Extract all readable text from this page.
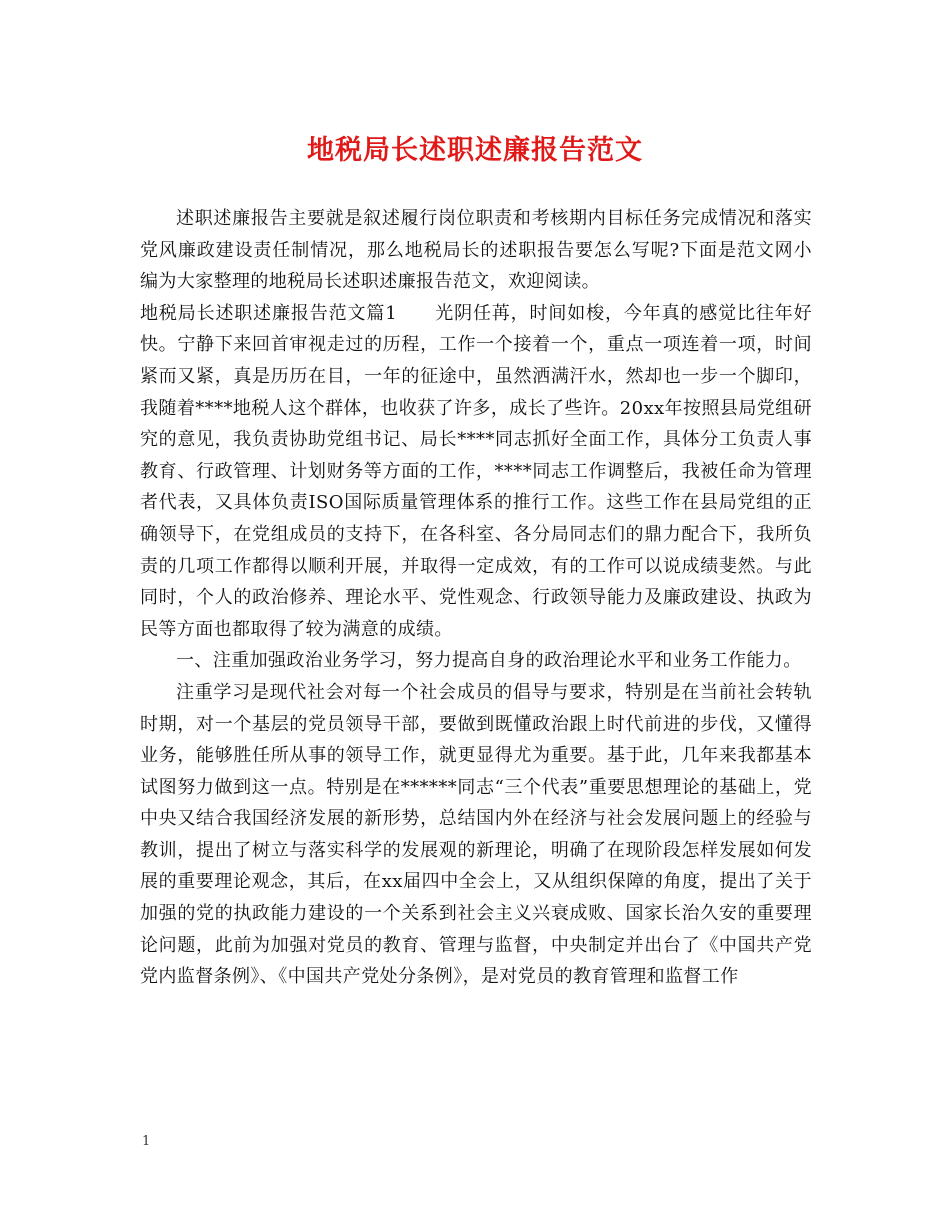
地税局长述职述廉报告范文

述职述廉报告主要就是叙述履行岗位职责和考核期内目标任务完成情况和落实党风廉政建设责任制情况，那么地税局长的述职报告要怎么写呢?下面是范文网小编为大家整理的地税局长述职述廉报告范文，欢迎阅读。

地税局长述职述廉报告范文篇1　　光阴任苒，时间如梭，今年真的感觉比往年好快。宁静下来回首审视走过的历程，工作一个接着一个，重点一项连着一项，时间紧而又紧，真是历历在目，一年的征途中，虽然洒满汗水，然却也一步一个脚印，我随着****地税人这个群体，也收获了许多，成长了些许。20xx年按照县局党组研究的意见，我负责协助党组书记、局长****同志抓好全面工作，具体分工负责人事教育、行政管理、计划财务等方面的工作，****同志工作调整后，我被任命为管理者代表，又具体负责ISO国际质量管理体系的推行工作。这些工作在县局党组的正确领导下，在党组成员的支持下，在各科室、各分局同志们的鼎力配合下，我所负责的几项工作都得以顺利开展，并取得一定成效，有的工作可以说成绩斐然。与此同时，个人的政治修养、理论水平、党性观念、行政领导能力及廉政建设、执政为民等方面也都取得了较为满意的成绩。

一、注重加强政治业务学习，努力提高自身的政治理论水平和业务工作能力。

注重学习是现代社会对每一个社会成员的倡导与要求，特别是在当前社会转轨时期，对一个基层的党员领导干部，要做到既懂政治跟上时代前进的步伐，又懂得业务，能够胜任所从事的领导工作，就更显得尤为重要。基于此，几年来我都基本试图努力做到这一点。特别是在******同志“三个代表”重要思想理论的基础上，党中央又结合我国经济发展的新形势，总结国内外在经济与社会发展问题上的经验与教训，提出了树立与落实科学的发展观的新理论，明确了在现阶段怎样发展如何发展的重要理论观念，其后，在xx届四中全会上，又从组织保障的角度，提出了关于加强的党的执政能力建设的一个关系到社会主义兴衰成败、国家长治久安的重要理论问题，此前为加强对党员的教育、管理与监督，中央制定并出台了《中国共产党党内监督条例》、《中国共产党处分条例》，是对党员的教育管理和监督工作

1
